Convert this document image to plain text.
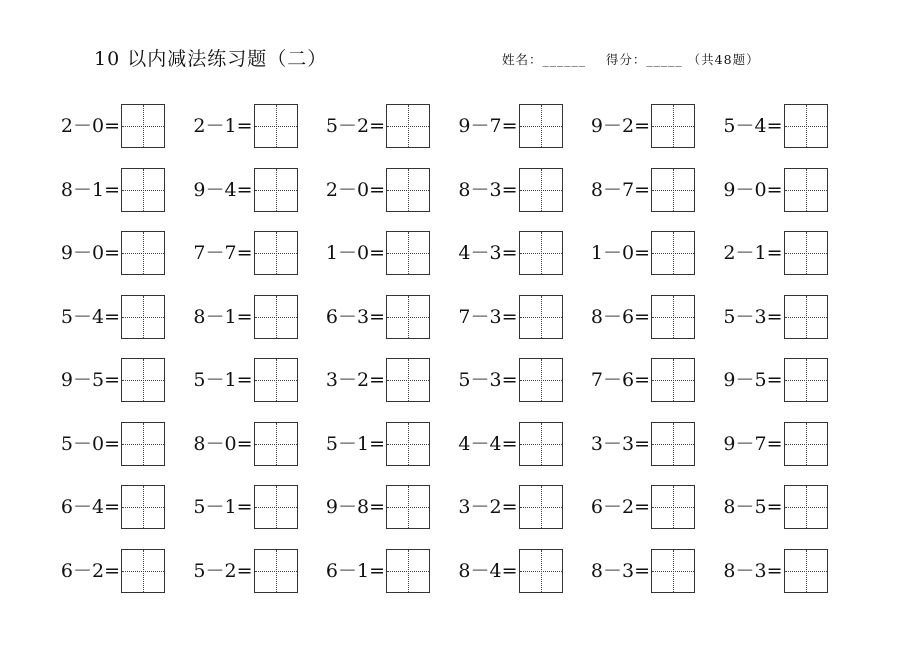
10 以内减法练习题（二）	姓名：______ 得分：_____ （共48题）
2－0=	2－1=	5－2=	9－7=	9－2=	5－4=
8－1=	9－4=	2－0=	8－3=	8－7=	9－0=
9－0=	7－7=	1－0=	4－3=	1－0=	2－1=
5－4=	8－1=	6－3=	7－3=	8－6=	5－3=
9－5=	5－1=	3－2=	5－3=	7－6=	9－5=
5－0=	8－0=	5－1=	4－4=	3－3=	9－7=
6－4=	5－1=	9－8=	3－2=	6－2=	8－5=
6－2=	5－2=	6－1=	8－4=	8－3=	8－3=
